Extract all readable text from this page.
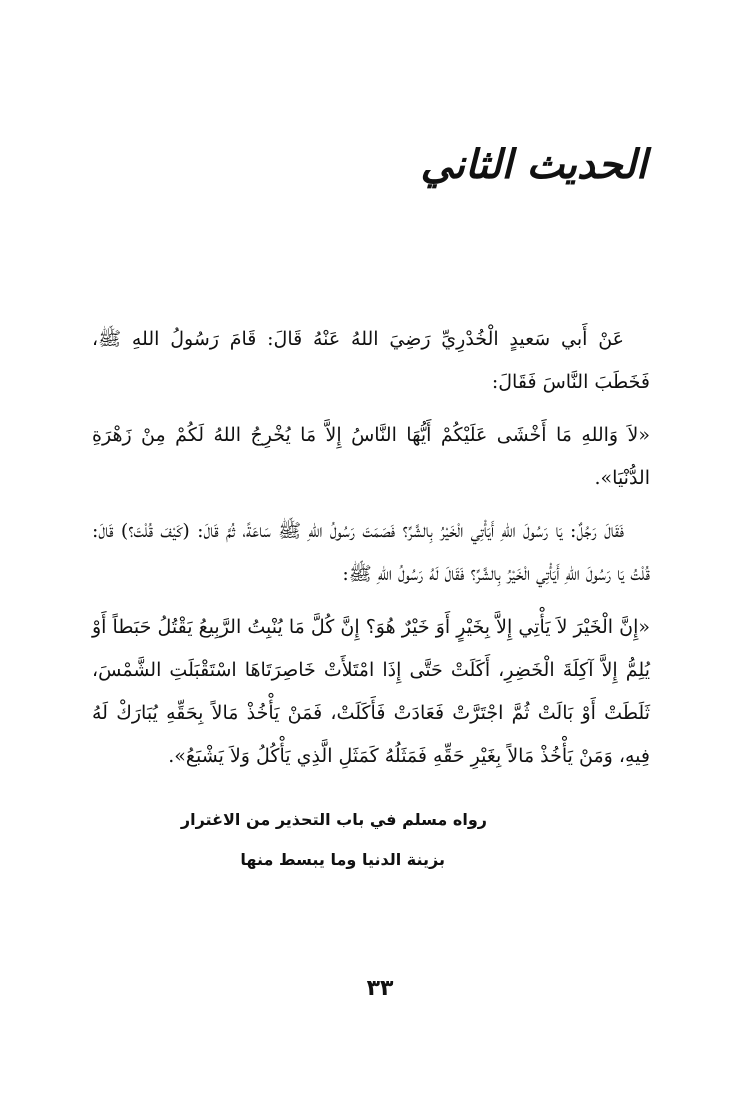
الحديث الثاني

عَنْ أَبي سَعيدٍ الْخُدْرِيِّ رَضِيَ اللهُ عَنْهُ قَالَ: قَامَ رَسُولُ اللهِ ﷺ، فَخَطَبَ النَّاسَ فَقَالَ:

«لاَ وَاللهِ مَا أَخْشَى عَلَيْكُمْ أَيُّهَا النَّاسُ إِلاَّ مَا يُخْرِجُ اللهُ لَكُمْ مِنْ زَهْرَةِ الدُّنْيَا».

فَقَالَ رَجُلٌ: يَا رَسُولَ اللهِ أَيَأْتِي الْخَيْرُ بِالشَّرِّ؟ فَصَمَتَ رَسُولُ اللهِ ﷺ سَاعَةً، ثُمَّ قَالَ: (كَيْفَ قُلْتَ؟) قَالَ: قُلْتُ يَا رَسُولَ اللهِ أَيَأْتِي الْخَيْرُ بِالشَّرِّ؟ فَقَالَ لَهُ رَسُولُ اللهِ ﷺ:

«إِنَّ الْخَيْرَ لاَ يَأْتِي إِلاَّ بِخَيْرٍ أَوَ خَيْرٌ هُوَ؟ إِنَّ كُلَّ مَا يُنْبِتُ الرَّبِيعُ يَقْتُلُ حَبَطاً أَوْ يُلِمُّ إِلاَّ آكِلَةَ الْخَضِرِ، أَكَلَتْ حَتَّى إِذَا امْتَلأَتْ خَاصِرَتَاهَا اسْتَقْبَلَتِ الشَّمْسَ، ثَلَطَتْ أَوْ بَالَتْ ثُمَّ اجْتَرَّتْ فَعَادَتْ فَأَكَلَتْ، فَمَنْ يَأْخُذْ مَالاً بِحَقِّهِ يُبَارَكْ لَهُ فِيهِ، وَمَنْ يَأْخُذْ مَالاً بِغَيْرِ حَقِّهِ فَمَثَلُهُ كَمَثَلِ الَّذِي يَأْكُلُ وَلاَ يَشْبَعُ».

رواه مسلم في باب التحذير من الاغترار
بزينة الدنيا وما يبسط منها
٣٣
